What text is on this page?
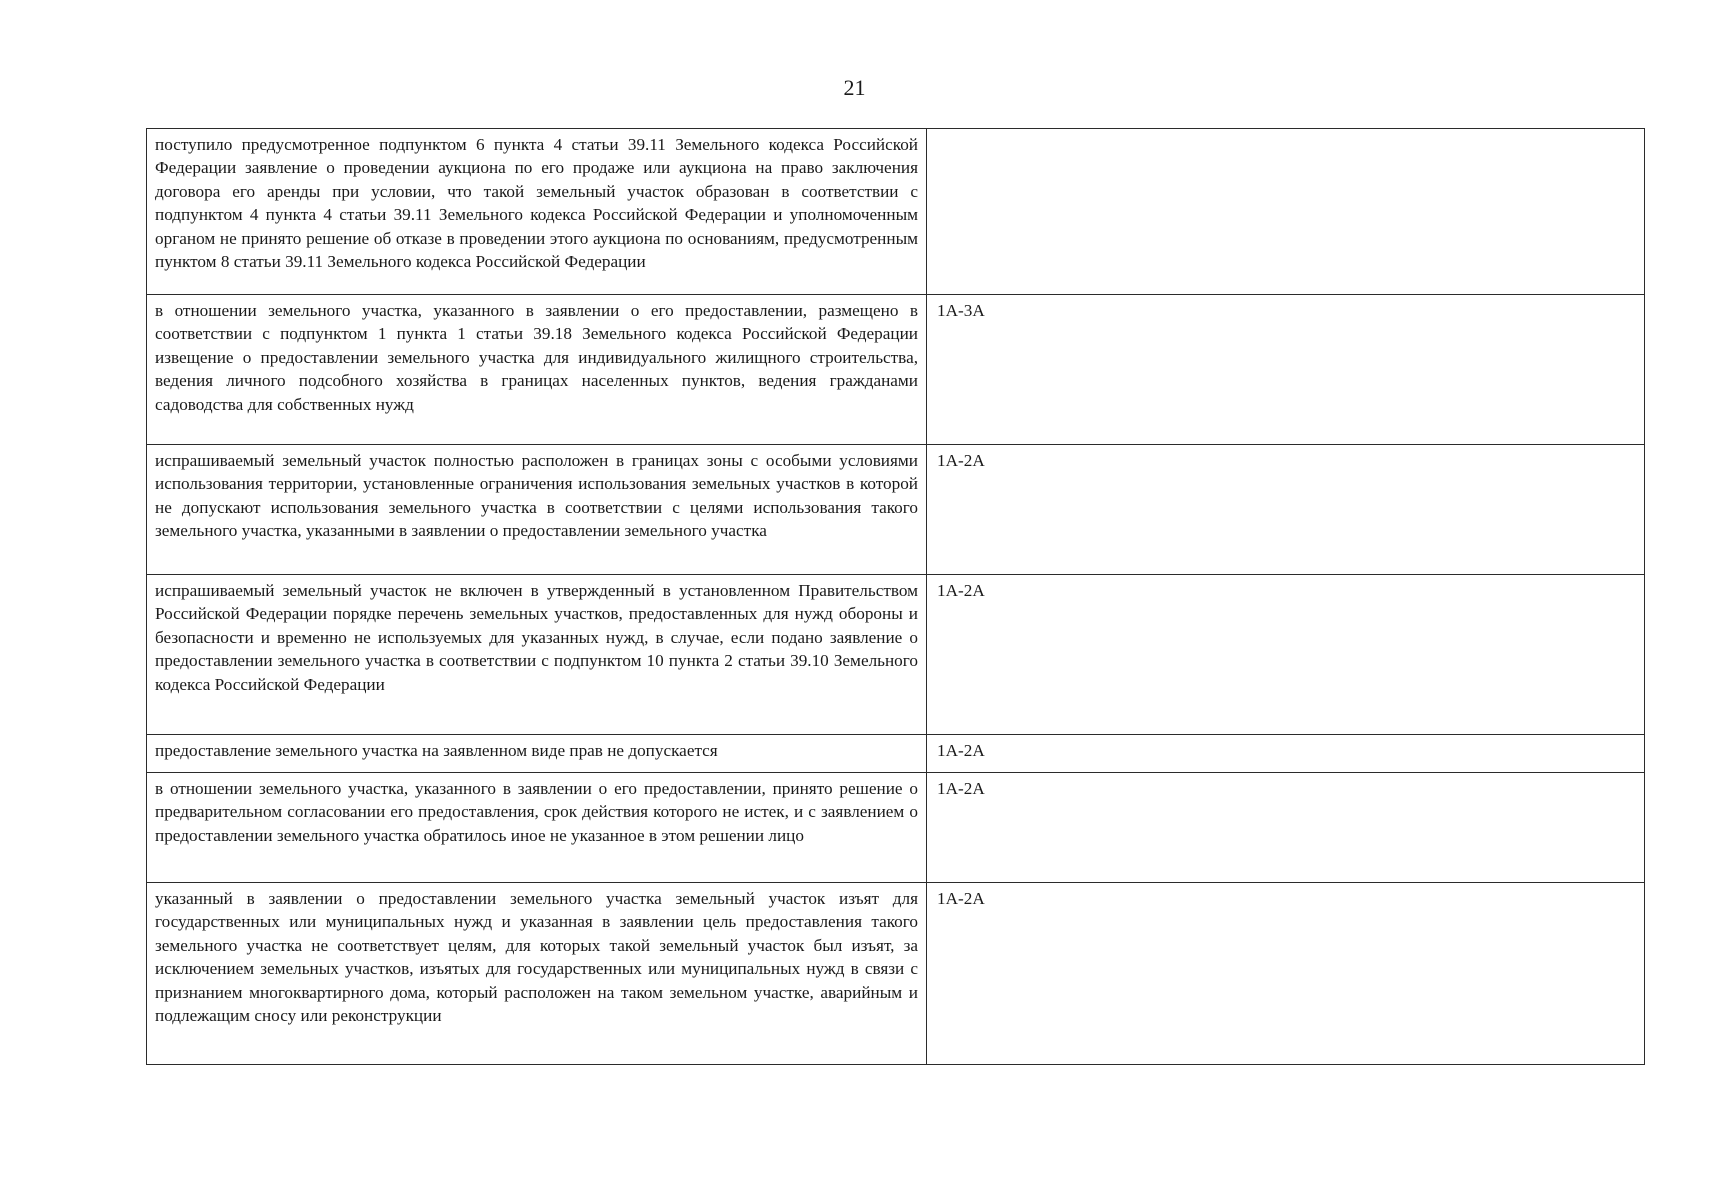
21
поступило предусмотренное подпунктом 6 пункта 4 статьи 39.11 Земельного кодекса Российской Федерации заявление о проведении аукциона по его продаже или аукциона на право заключения договора его аренды при условии, что такой земельный участок образован в соответствии с подпунктом 4 пункта 4 статьи 39.11 Земельного кодекса Российской Федерации и уполномоченным органом не принято решение об отказе в проведении этого аукциона по основаниям, предусмотренным пунктом 8 статьи 39.11 Земельного кодекса Российской Федерации	
в отношении земельного участка, указанного в заявлении о его предоставлении, размещено в соответствии с подпунктом 1 пункта 1 статьи 39.18 Земельного кодекса Российской Федерации извещение о предоставлении земельного участка для индивидуального жилищного строительства, ведения личного подсобного хозяйства в границах населенных пунктов, ведения гражданами садоводства для собственных нужд	1А-3А
испрашиваемый земельный участок полностью расположен в границах зоны с особыми условиями использования территории, установленные ограничения использования земельных участков в которой не допускают использования земельного участка в соответствии с целями использования такого земельного участка, указанными в заявлении о предоставлении земельного участка	1А-2А
испрашиваемый земельный участок не включен в утвержденный в установленном Правительством Российской Федерации порядке перечень земельных участков, предоставленных для нужд обороны и безопасности и временно не используемых для указанных нужд, в случае, если подано заявление о предоставлении земельного участка в соответствии с подпунктом 10 пункта 2 статьи 39.10 Земельного кодекса Российской Федерации	1А-2А
предоставление земельного участка на заявленном виде прав не допускается	1А-2А
в отношении земельного участка, указанного в заявлении о его предоставлении, принято решение о предварительном согласовании его предоставления, срок действия которого не истек, и с заявлением о предоставлении земельного участка обратилось иное не указанное в этом решении лицо	1А-2А
указанный в заявлении о предоставлении земельного участка земельный участок изъят для государственных или муниципальных нужд и указанная в заявлении цель предоставления такого земельного участка не соответствует целям, для которых такой земельный участок был изъят, за исключением земельных участков, изъятых для государственных или муниципальных нужд в связи с признанием многоквартирного дома, который расположен на таком земельном участке, аварийным и подлежащим сносу или реконструкции	1А-2А
